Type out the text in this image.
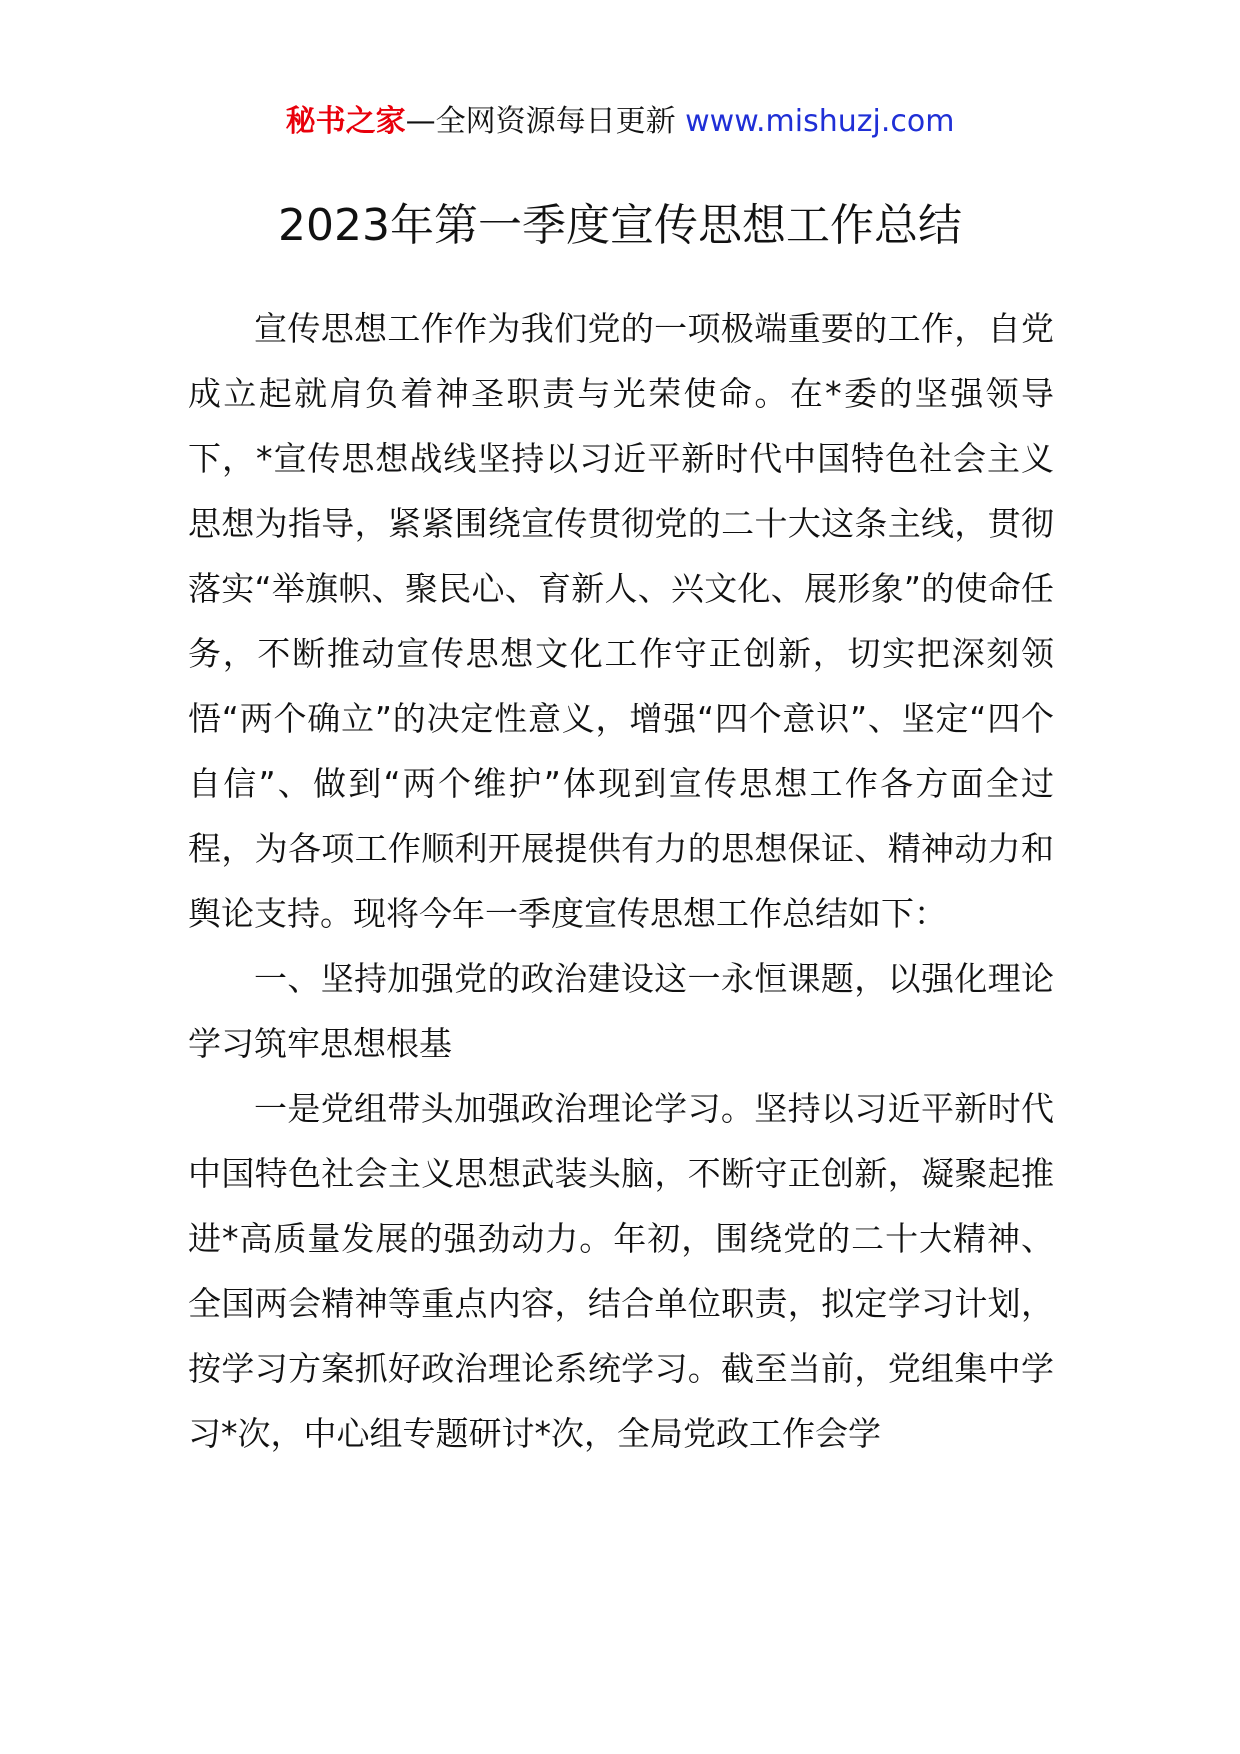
秘书之家—全网资源每日更新 www.mishuzj.com
2023年第一季度宣传思想工作总结

宣传思想工作作为我们党的一项极端重要的工作，自党成立起就肩负着神圣职责与光荣使命。在*委的坚强领导下，*宣传思想战线坚持以习近平新时代中国特色社会主义思想为指导，紧紧围绕宣传贯彻党的二十大这条主线，贯彻落实“举旗帜、聚民心、育新人、兴文化、展形象”的使命任务，不断推动宣传思想文化工作守正创新，切实把深刻领悟“两个确立”的决定性意义，增强“四个意识”、坚定“四个自信”、做到“两个维护”体现到宣传思想工作各方面全过程，为各项工作顺利开展提供有力的思想保证、精神动力和舆论支持。现将今年一季度宣传思想工作总结如下：

一、坚持加强党的政治建设这一永恒课题，以强化理论学习筑牢思想根基

一是党组带头加强政治理论学习。坚持以习近平新时代中国特色社会主义思想武装头脑，不断守正创新，凝聚起推进*高质量发展的强劲动力。年初，围绕党的二十大精神、全国两会精神等重点内容，结合单位职责，拟定学习计划，按学习方案抓好政治理论系统学习。截至当前，党组集中学习*次，中心组专题研讨*次，全局党政工作会学
